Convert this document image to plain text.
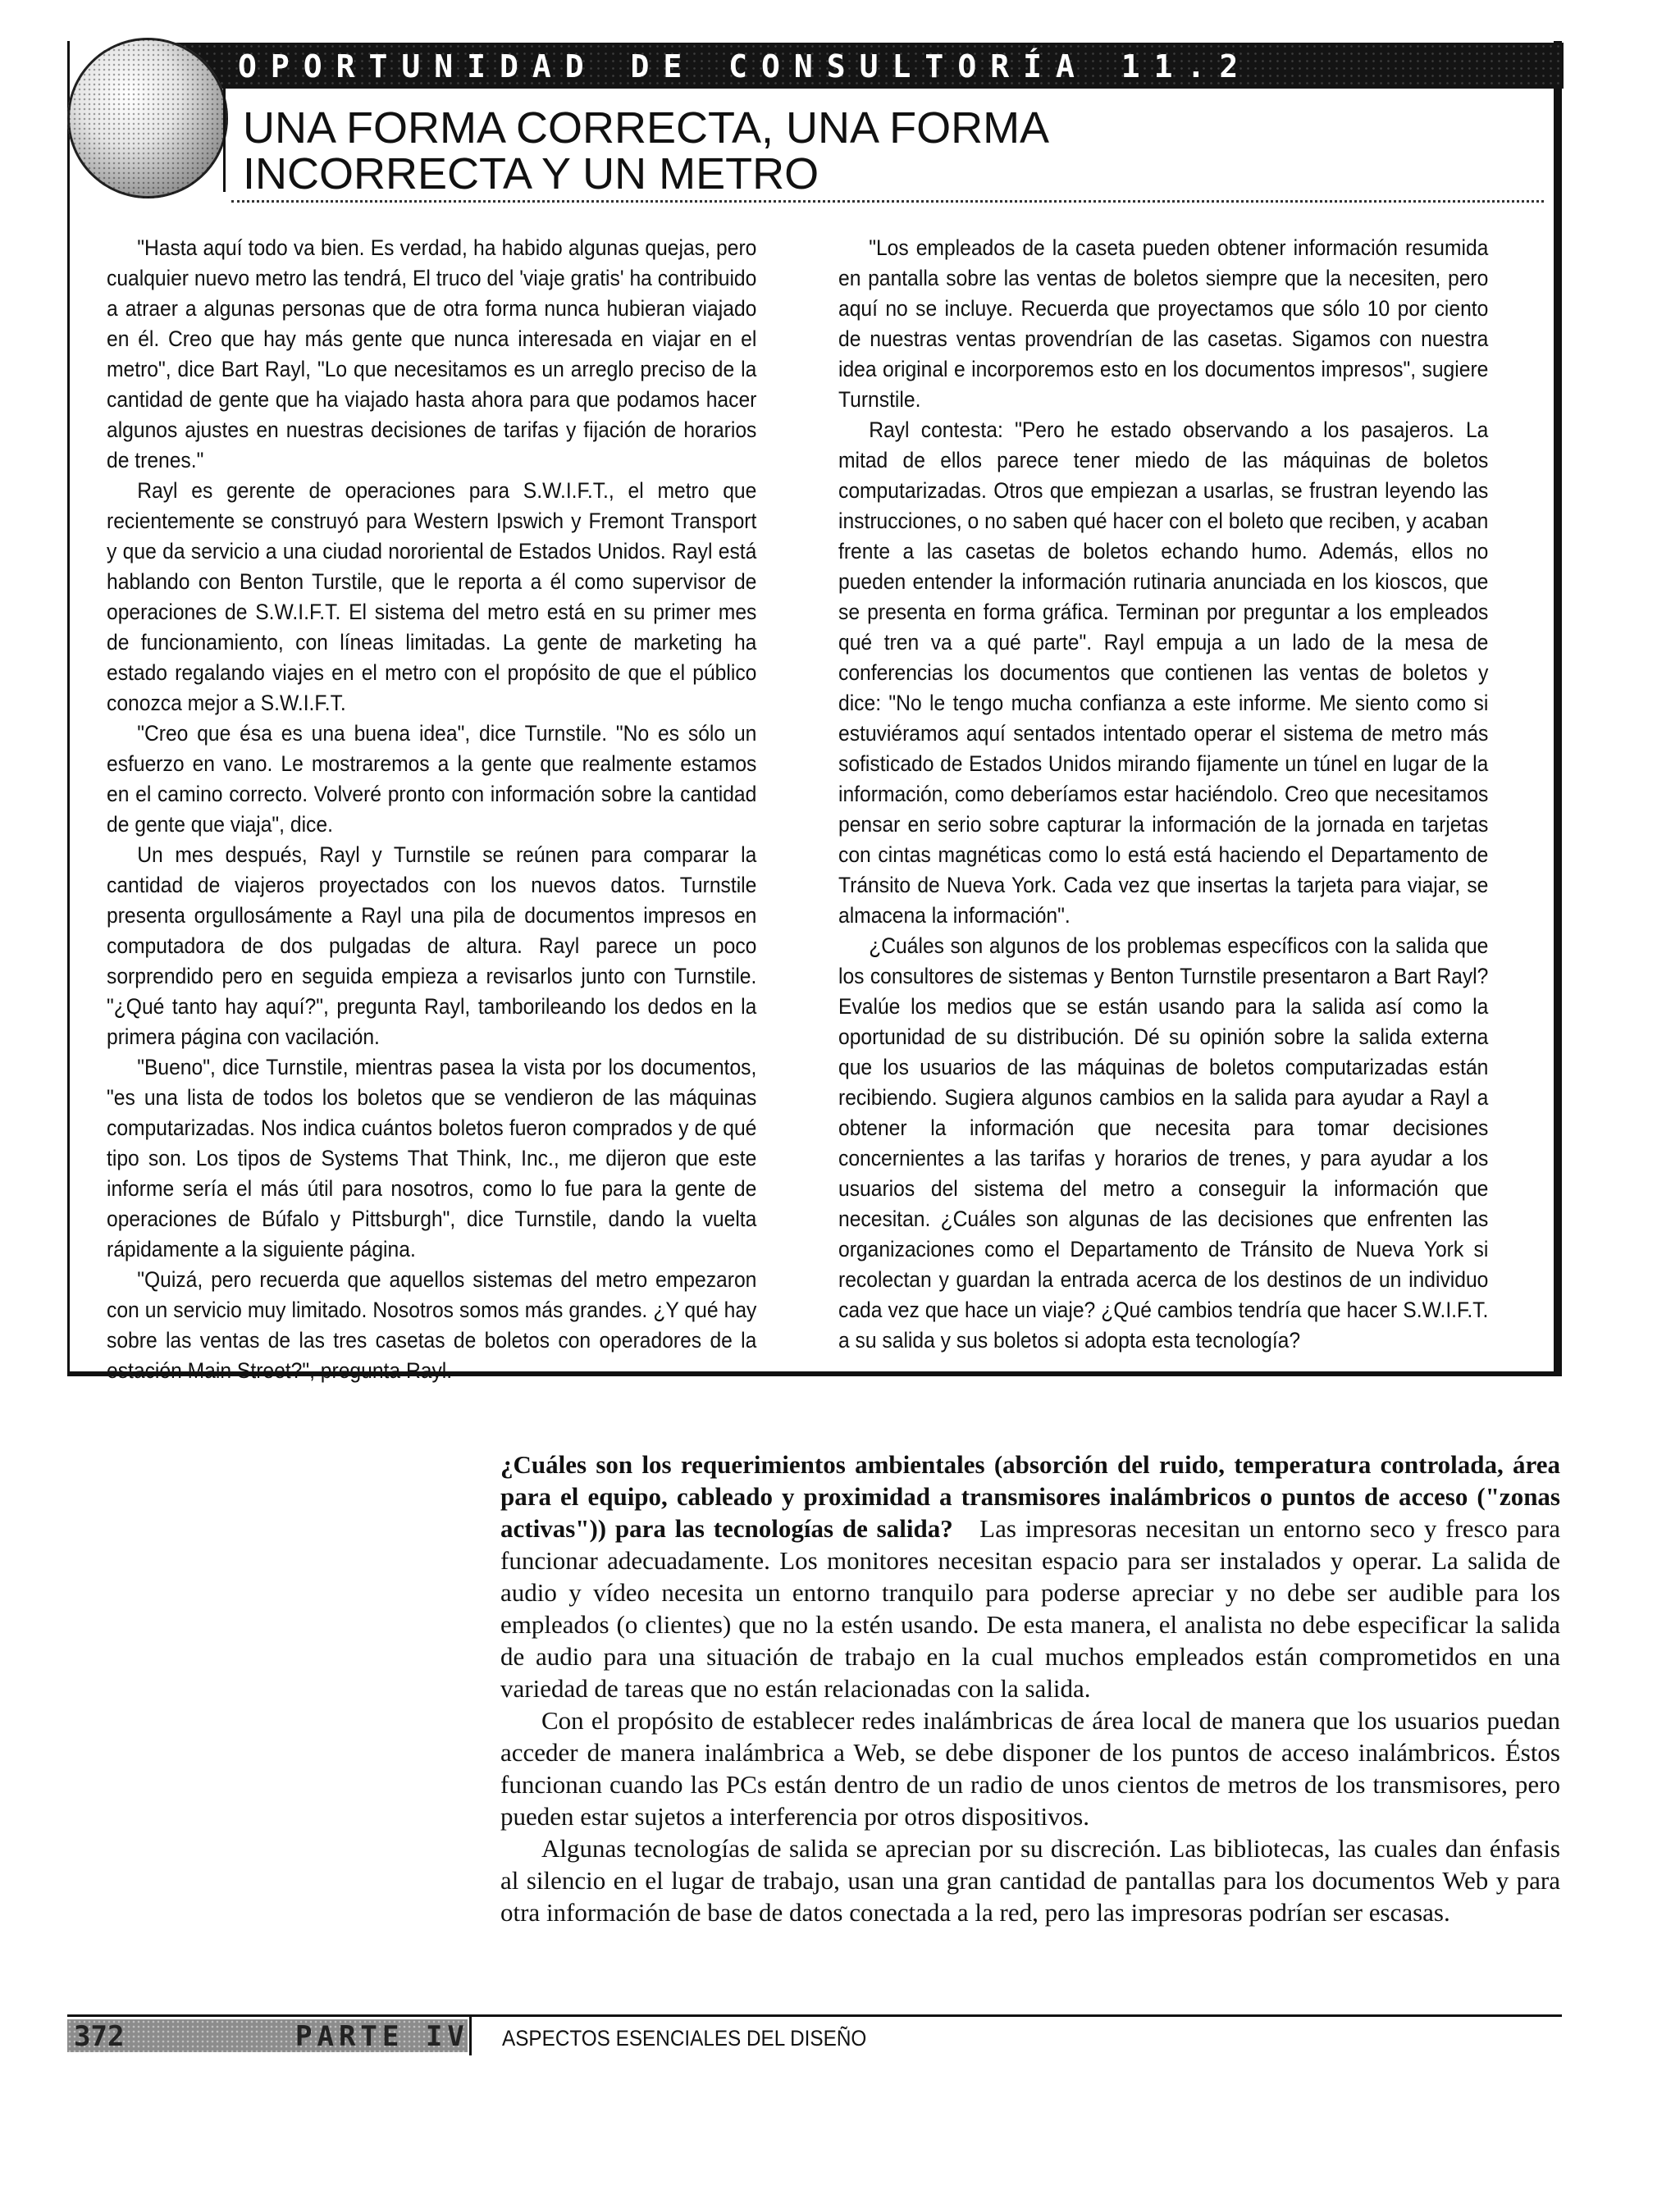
OPORTUNIDAD DE CONSULTORÍA 11.2
UNA FORMA CORRECTA, UNA FORMA
INCORRECTA Y UN METRO

"Hasta aquí todo va bien. Es verdad, ha habido algunas quejas, pero cualquier nuevo metro las tendrá, El truco del 'viaje gratis' ha contribuido a atraer a algunas personas que de otra forma nunca hubieran viajado en él. Creo que hay más gente que nunca interesada en viajar en el metro", dice Bart Rayl, "Lo que necesitamos es un arreglo preciso de la cantidad de gente que ha viajado hasta ahora para que podamos hacer algunos ajustes en nuestras decisiones de tarifas y fijación de horarios de trenes."

Rayl es gerente de operaciones para S.W.I.F.T., el metro que recientemente se construyó para Western Ipswich y Fremont Transport y que da servicio a una ciudad nororiental de Estados Unidos. Rayl está hablando con Benton Turstile, que le reporta a él como supervisor de operaciones de S.W.I.F.T. El sistema del metro está en su primer mes de funcionamiento, con líneas limitadas. La gente de marketing ha estado regalando viajes en el metro con el propósito de que el público conozca mejor a S.W.I.F.T.

"Creo que ésa es una buena idea", dice Turnstile. "No es sólo un esfuerzo en vano. Le mostraremos a la gente que realmente estamos en el camino correcto. Volveré pronto con información sobre la cantidad de gente que viaja", dice.

Un mes después, Rayl y Turnstile se reúnen para comparar la cantidad de viajeros proyectados con los nuevos datos. Turnstile presenta orgullosámente a Rayl una pila de documentos impresos en computadora de dos pulgadas de altura. Rayl parece un poco sorprendido pero en seguida empieza a revisarlos junto con Turnstile. "¿Qué tanto hay aquí?", pregunta Rayl, tamborileando los dedos en la primera página con vacilación.

"Bueno", dice Turnstile, mientras pasea la vista por los documentos, "es una lista de todos los boletos que se vendieron de las máquinas computarizadas. Nos indica cuántos boletos fueron comprados y de qué tipo son. Los tipos de Systems That Think, Inc., me dijeron que este informe sería el más útil para nosotros, como lo fue para la gente de operaciones de Búfalo y Pittsburgh", dice Turnstile, dando la vuelta rápidamente a la siguiente página.

"Quizá, pero recuerda que aquellos sistemas del metro empezaron con un servicio muy limitado. Nosotros somos más grandes. ¿Y qué hay sobre las ventas de las tres casetas de boletos con operadores de la estación Main Street?", pregunta Rayl.

"Los empleados de la caseta pueden obtener información resumida en pantalla sobre las ventas de boletos siempre que la necesiten, pero aquí no se incluye. Recuerda que proyectamos que sólo 10 por ciento de nuestras ventas provendrían de las casetas. Sigamos con nuestra idea original e incorporemos esto en los documentos impresos", sugiere Turnstile.

Rayl contesta: "Pero he estado observando a los pasajeros. La mitad de ellos parece tener miedo de las máquinas de boletos computarizadas. Otros que empiezan a usarlas, se frustran leyendo las instrucciones, o no saben qué hacer con el boleto que reciben, y acaban frente a las casetas de boletos echando humo. Además, ellos no pueden entender la información rutinaria anunciada en los kioscos, que se presenta en forma gráfica. Terminan por preguntar a los empleados qué tren va a qué parte". Rayl empuja a un lado de la mesa de conferencias los documentos que contienen las ventas de boletos y dice: "No le tengo mucha confianza a este informe. Me siento como si estuviéramos aquí sentados intentado operar el sistema de metro más sofisticado de Estados Unidos mirando fijamente un túnel en lugar de la información, como deberíamos estar haciéndolo. Creo que necesitamos pensar en serio sobre capturar la información de la jornada en tarjetas con cintas magnéticas como lo está está haciendo el Departamento de Tránsito de Nueva York. Cada vez que insertas la tarjeta para viajar, se almacena la información".

¿Cuáles son algunos de los problemas específicos con la salida que los consultores de sistemas y Benton Turnstile presentaron a Bart Rayl? Evalúe los medios que se están usando para la salida así como la oportunidad de su distribución. Dé su opinión sobre la salida externa que los usuarios de las máquinas de boletos computarizadas están recibiendo. Sugiera algunos cambios en la salida para ayudar a Rayl a obtener la información que necesita para tomar decisiones concernientes a las tarifas y horarios de trenes, y para ayudar a los usuarios del sistema del metro a conseguir la información que necesitan. ¿Cuáles son algunas de las decisiones que enfrenten las organizaciones como el Departamento de Tránsito de Nueva York si recolectan y guardan la entrada acerca de los destinos de un individuo cada vez que hace un viaje? ¿Qué cambios tendría que hacer S.W.I.F.T. a su salida y sus boletos si adopta esta tecnología?

¿Cuáles son los requerimientos ambientales (absorción del ruido, temperatura controlada, área para el equipo, cableado y proximidad a transmisores inalámbricos o puntos de acceso ("zonas activas")) para las tecnologías de salida? Las impresoras necesitan un entorno seco y fresco para funcionar adecuadamente. Los monitores necesitan espacio para ser instalados y operar. La salida de audio y vídeo necesita un entorno tranquilo para poderse apreciar y no debe ser audible para los empleados (o clientes) que no la estén usando. De esta manera, el analista no debe especificar la salida de audio para una situación de trabajo en la cual muchos empleados están comprometidos en una variedad de tareas que no están relacionadas con la salida.

Con el propósito de establecer redes inalámbricas de área local de manera que los usuarios puedan acceder de manera inalámbrica a Web, se debe disponer de los puntos de acceso inalámbricos. Éstos funcionan cuando las PCs están dentro de un radio de unos cientos de metros de los transmisores, pero pueden estar sujetos a interferencia por otros dispositivos.

Algunas tecnologías de salida se aprecian por su discreción. Las bibliotecas, las cuales dan énfasis al silencio en el lugar de trabajo, usan una gran cantidad de pantallas para los documentos Web y para otra información de base de datos conectada a la red, pero las impresoras podrían ser escasas.

372	PARTE IV ASPECTOS ESENCIALES DEL DISEÑO
